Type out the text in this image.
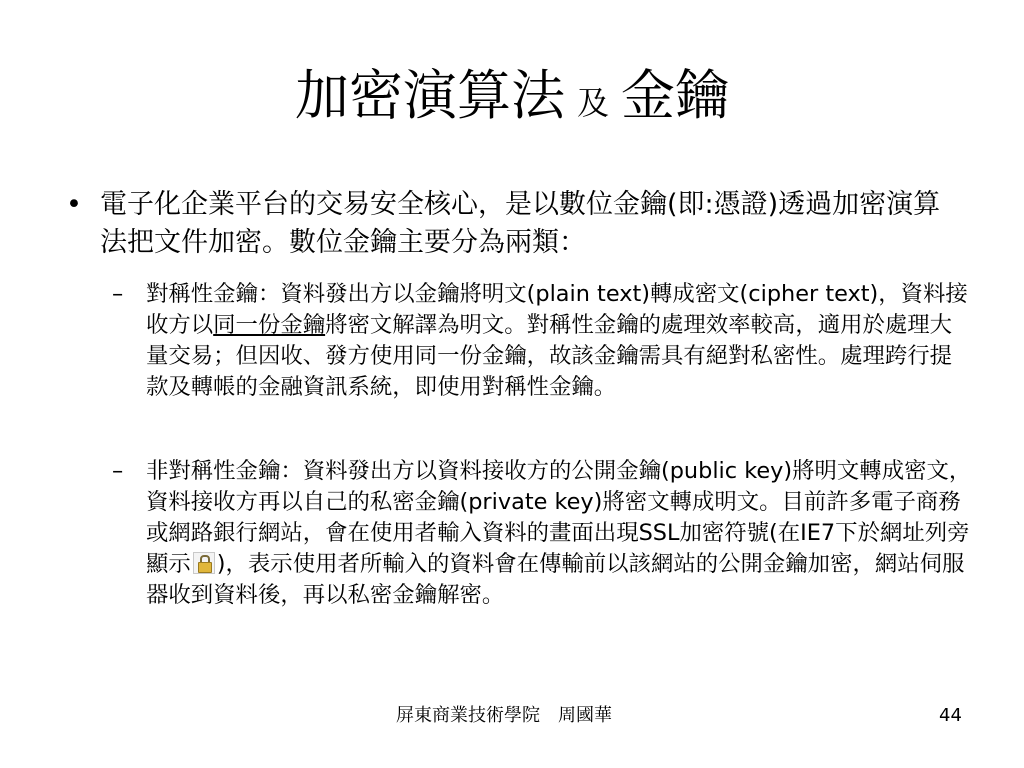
加密演算法 及 金鑰
• 電子化企業平台的交易安全核心，是以數位金鑰(即:憑證)透過加密演算法把文件加密。數位金鑰主要分為兩類：
– 對稱性金鑰：資料發出方以金鑰將明文(plain text)轉成密文(cipher text)，資料接收方以同一份金鑰將密文解譯為明文。對稱性金鑰的處理效率較高，適用於處理大量交易；但因收、發方使用同一份金鑰，故該金鑰需具有絕對私密性。處理跨行提款及轉帳的金融資訊系統，即使用對稱性金鑰。
– 非對稱性金鑰：資料發出方以資料接收方的公開金鑰(public key)將明文轉成密文，資料接收方再以自己的私密金鑰(private key)將密文轉成明文。目前許多電子商務或網路銀行網站，會在使用者輸入資料的畫面出現SSL加密符號(在IE7下於網址列旁顯示 )，表示使用者所輸入的資料會在傳輸前以該網站的公開金鑰加密，網站伺服器收到資料後，再以私密金鑰解密。
屏東商業技術學院　周國華	44
